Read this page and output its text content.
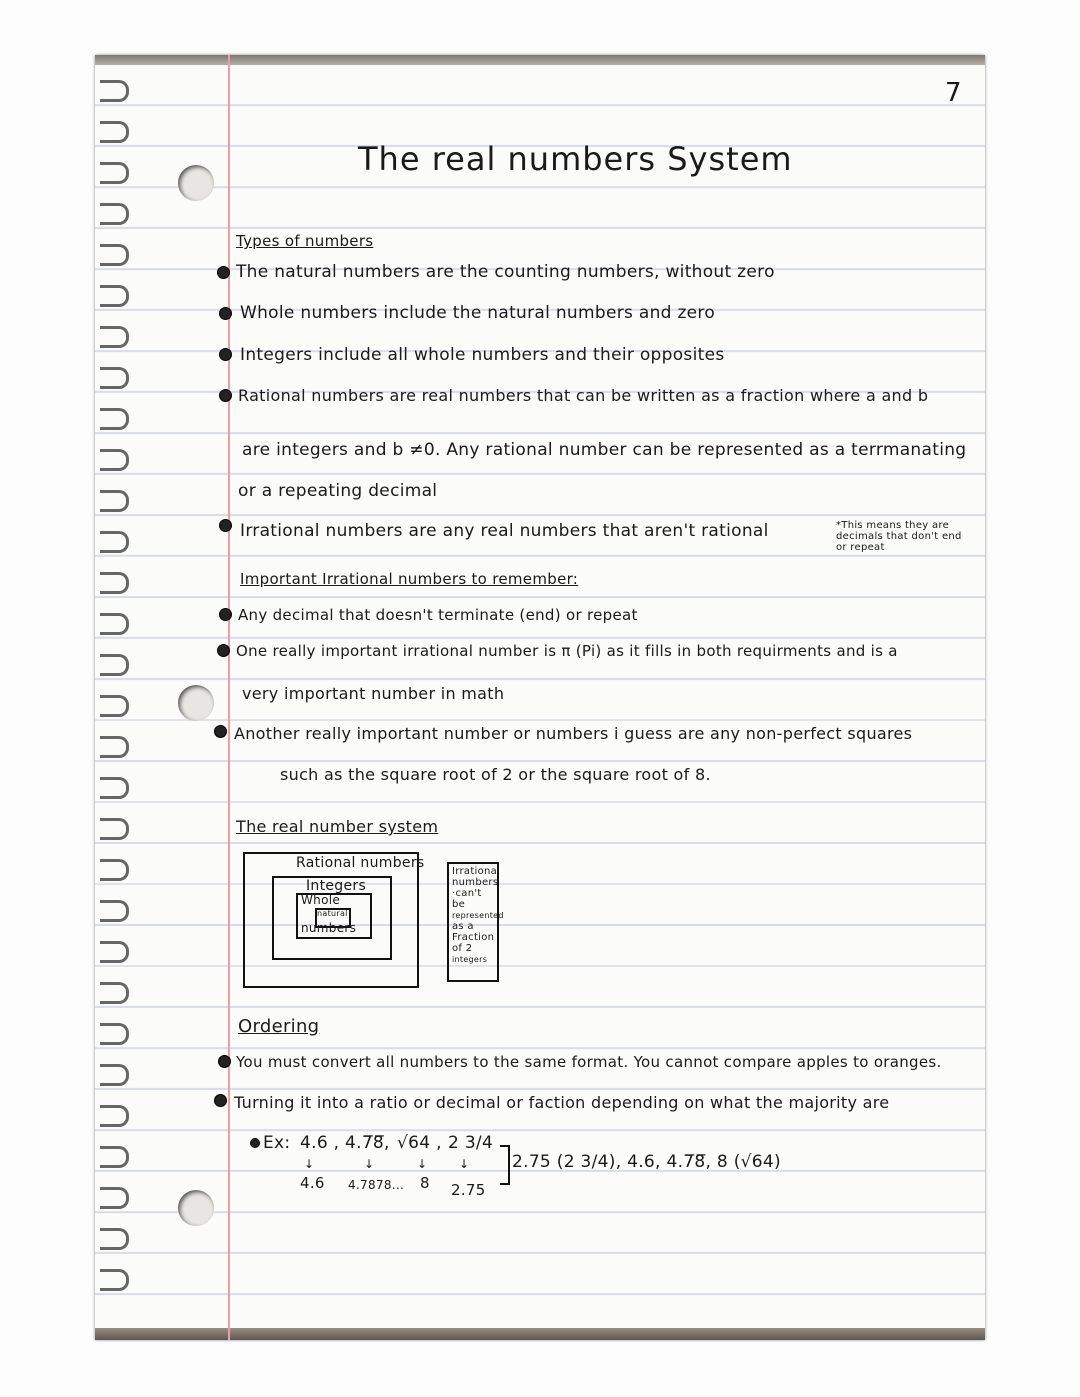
7
The real numbers System
Types of numbers
The natural numbers are the counting numbers, without zero
Whole numbers include the natural numbers and zero
Integers include all whole numbers and their opposites
Rational numbers are real numbers that can be written as a fraction where a and b
are integers and b ≠0. Any rational number can be represented as a terrmanating
or a repeating decimal
Irrational numbers are any real numbers that aren't rational	*This means they are
decimals that don't end
or repeat
Important Irrational numbers to remember:
Any decimal that doesn't terminate (end) or repeat
One really important irrational number is π (Pi) as it fills in both requirments and is a
very important number in math
Another really important number or numbers i guess are any non-perfect squares
such as the square root of 2 or the square root of 8.
The real number system
Rational numbers
Integers
Whole
natural
numbers
Irrational
numbers
·can't
be
represented
as a
Fraction
of 2
integers
Ordering
You must convert all numbers to the same format. You cannot compare apples to oranges.
Turning it into a ratio or decimal or faction depending on what the majority are
Ex: 4.6 , 4.7̅8̅, √64 , 2 3/4
↓	↓	↓	↓
4.6 4.7878... 8 2.75
2.75 (2 3/4), 4.6, 4.7̅8̅, 8 (√64)
